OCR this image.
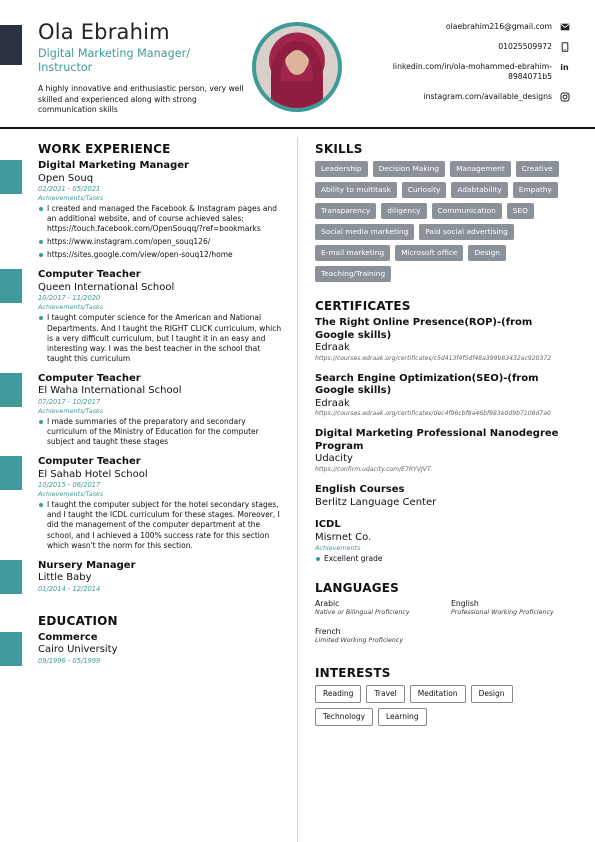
Ola Ebrahim
Digital Marketing Manager/ Instructor
A highly innovative and enthusiastic person, very well skilled and experienced along with strong communication skills
olaebrahim216@gmail.com
01025509972
linkedin.com/in/ola-mohammed-ebrahim-8984071b5
in
instagram.com/available_designs
WORK EXPERIENCE
Digital Marketing Manager
Open Souq
02/2021 - 05/2021
Achievements/Tasks
I created and managed the Facebook & Instagram pages and an additional website, and of course achieved sales: https://touch.facebook.com/OpenSouqq/?ref=bookmarks
https://www.instagram.com/open_souq126/
https://sites.google.com/view/open-souq12/home
Computer Teacher
Queen International School
10/2017 - 11/2020
Achievements/Tasks
I taught computer science for the American and National Departments. And I taught the RIGHT CLICK curriculum, which is a very difficult curriculum, but I taught it in an easy and interesting way. I was the best teacher in the school that taught this curriculum
Computer Teacher
El Waha International School
07/2017 - 10/2017
Achievements/Tasks
I made summaries of the preparatory and secondary curriculum of the Ministry of Education for the computer subject and taught these stages
Computer Teacher
El Sahab Hotel School
10/2015 - 06/2017
Achievements/Tasks
I taught the computer subject for the hotel secondary stages, and I taught the ICDL curriculum for these stages. Moreover, I did the management of the computer department at the school, and I achieved a 100% success rate for this section which wasn't the norm for this section.
Nursery Manager
Little Baby
01/2014 - 12/2014
EDUCATION
Commerce
Cairo University
09/1996 - 05/1999
SKILLS
Leadership	Decision Making	Management	Creative
Ability to multitask	Curiosity	Adabtability	Empathy
Transparency	diligency	Communication	SEO
Social media marketing	Paid social advertising
E-mail marketing	Microsoft office	Design
Teaching/Training
CERTIFICATES
The Right Online Presence(ROP)-(from Google skills)
Edraak
https://courses.edraak.org/certificates/c5d413f4f5df48a399b83432ac920372
Search Engine Optimization(SEO)-(from Google skills)
Edraak
https://courses.edraak.org/certificates/dec4f96cbf8a46bf983e0d9b7108d7a0
Digital Marketing Professional Nanodegree Program
Udacity
https://confirm.udacity.com/E7RYVJVT
English Courses
Berlitz Language Center
ICDL
Misrnet Co.
Achievements
Excellent grade
LANGUAGES
Arabic
Native or Bilingual Proficiency
English
Professional Working Proficiency
French
Limited Working Proficiency
INTERESTS
Reading	Travel	Meditation	Design
Technology	Learning
